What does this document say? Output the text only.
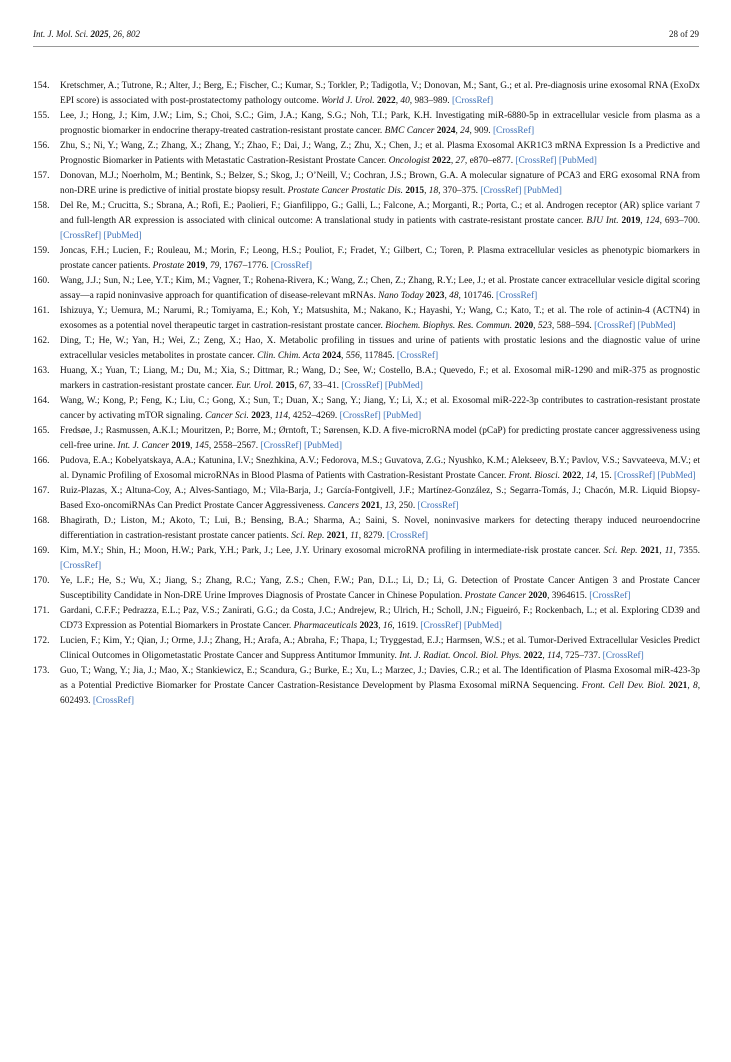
Int. J. Mol. Sci. 2025, 26, 802	28 of 29
154.	Kretschmer, A.; Tutrone, R.; Alter, J.; Berg, E.; Fischer, C.; Kumar, S.; Torkler, P.; Tadigotla, V.; Donovan, M.; Sant, G.; et al. Pre-diagnosis urine exosomal RNA (ExoDx EPI score) is associated with post-prostatectomy pathology outcome. World J. Urol. 2022, 40, 983–989. [CrossRef]
155.	Lee, J.; Hong, J.; Kim, J.W.; Lim, S.; Choi, S.C.; Gim, J.A.; Kang, S.G.; Noh, T.I.; Park, K.H. Investigating miR-6880-5p in extracellular vesicle from plasma as a prognostic biomarker in endocrine therapy-treated castration-resistant prostate cancer. BMC Cancer 2024, 24, 909. [CrossRef]
156.	Zhu, S.; Ni, Y.; Wang, Z.; Zhang, X.; Zhang, Y.; Zhao, F.; Dai, J.; Wang, Z.; Zhu, X.; Chen, J.; et al. Plasma Exosomal AKR1C3 mRNA Expression Is a Predictive and Prognostic Biomarker in Patients with Metastatic Castration-Resistant Prostate Cancer. Oncologist 2022, 27, e870–e877. [CrossRef] [PubMed]
157.	Donovan, M.J.; Noerholm, M.; Bentink, S.; Belzer, S.; Skog, J.; O’Neill, V.; Cochran, J.S.; Brown, G.A. A molecular signature of PCA3 and ERG exosomal RNA from non-DRE urine is predictive of initial prostate biopsy result. Prostate Cancer Prostatic Dis. 2015, 18, 370–375. [CrossRef] [PubMed]
158.	Del Re, M.; Crucitta, S.; Sbrana, A.; Rofi, E.; Paolieri, F.; Gianfilippo, G.; Galli, L.; Falcone, A.; Morganti, R.; Porta, C.; et al. Androgen receptor (AR) splice variant 7 and full-length AR expression is associated with clinical outcome: A translational study in patients with castrate-resistant prostate cancer. BJU Int. 2019, 124, 693–700. [CrossRef] [PubMed]
159.	Joncas, F.H.; Lucien, F.; Rouleau, M.; Morin, F.; Leong, H.S.; Pouliot, F.; Fradet, Y.; Gilbert, C.; Toren, P. Plasma extracellular vesicles as phenotypic biomarkers in prostate cancer patients. Prostate 2019, 79, 1767–1776. [CrossRef]
160.	Wang, J.J.; Sun, N.; Lee, Y.T.; Kim, M.; Vagner, T.; Rohena-Rivera, K.; Wang, Z.; Chen, Z.; Zhang, R.Y.; Lee, J.; et al. Prostate cancer extracellular vesicle digital scoring assay—a rapid noninvasive approach for quantification of disease-relevant mRNAs. Nano Today 2023, 48, 101746. [CrossRef]
161.	Ishizuya, Y.; Uemura, M.; Narumi, R.; Tomiyama, E.; Koh, Y.; Matsushita, M.; Nakano, K.; Hayashi, Y.; Wang, C.; Kato, T.; et al. The role of actinin-4 (ACTN4) in exosomes as a potential novel therapeutic target in castration-resistant prostate cancer. Biochem. Biophys. Res. Commun. 2020, 523, 588–594. [CrossRef] [PubMed]
162.	Ding, T.; He, W.; Yan, H.; Wei, Z.; Zeng, X.; Hao, X. Metabolic profiling in tissues and urine of patients with prostatic lesions and the diagnostic value of urine extracellular vesicles metabolites in prostate cancer. Clin. Chim. Acta 2024, 556, 117845. [CrossRef]
163.	Huang, X.; Yuan, T.; Liang, M.; Du, M.; Xia, S.; Dittmar, R.; Wang, D.; See, W.; Costello, B.A.; Quevedo, F.; et al. Exosomal miR-1290 and miR-375 as prognostic markers in castration-resistant prostate cancer. Eur. Urol. 2015, 67, 33–41. [CrossRef] [PubMed]
164.	Wang, W.; Kong, P.; Feng, K.; Liu, C.; Gong, X.; Sun, T.; Duan, X.; Sang, Y.; Jiang, Y.; Li, X.; et al. Exosomal miR-222-3p contributes to castration-resistant prostate cancer by activating mTOR signaling. Cancer Sci. 2023, 114, 4252–4269. [CrossRef] [PubMed]
165.	Fredsøe, J.; Rasmussen, A.K.I.; Mouritzen, P.; Borre, M.; Ørntoft, T.; Sørensen, K.D. A five-microRNA model (pCaP) for predicting prostate cancer aggressiveness using cell-free urine. Int. J. Cancer 2019, 145, 2558–2567. [CrossRef] [PubMed]
166.	Pudova, E.A.; Kobelyatskaya, A.A.; Katunina, I.V.; Snezhkina, A.V.; Fedorova, M.S.; Guvatova, Z.G.; Nyushko, K.M.; Alekseev, B.Y.; Pavlov, V.S.; Savvateeva, M.V.; et al. Dynamic Profiling of Exosomal microRNAs in Blood Plasma of Patients with Castration-Resistant Prostate Cancer. Front. Biosci. 2022, 14, 15. [CrossRef] [PubMed]
167.	Ruiz-Plazas, X.; Altuna-Coy, A.; Alves-Santiago, M.; Vila-Barja, J.; García-Fontgivell, J.F.; Martínez-González, S.; Segarra-Tomás, J.; Chacón, M.R. Liquid Biopsy-Based Exo-oncomiRNAs Can Predict Prostate Cancer Aggressiveness. Cancers 2021, 13, 250. [CrossRef]
168.	Bhagirath, D.; Liston, M.; Akoto, T.; Lui, B.; Bensing, B.A.; Sharma, A.; Saini, S. Novel, noninvasive markers for detecting therapy induced neuroendocrine differentiation in castration-resistant prostate cancer patients. Sci. Rep. 2021, 11, 8279. [CrossRef]
169.	Kim, M.Y.; Shin, H.; Moon, H.W.; Park, Y.H.; Park, J.; Lee, J.Y. Urinary exosomal microRNA profiling in intermediate-risk prostate cancer. Sci. Rep. 2021, 11, 7355. [CrossRef]
170.	Ye, L.F.; He, S.; Wu, X.; Jiang, S.; Zhang, R.C.; Yang, Z.S.; Chen, F.W.; Pan, D.L.; Li, D.; Li, G. Detection of Prostate Cancer Antigen 3 and Prostate Cancer Susceptibility Candidate in Non-DRE Urine Improves Diagnosis of Prostate Cancer in Chinese Population. Prostate Cancer 2020, 3964615. [CrossRef]
171.	Gardani, C.F.F.; Pedrazza, E.L.; Paz, V.S.; Zanirati, G.G.; da Costa, J.C.; Andrejew, R.; Ulrich, H.; Scholl, J.N.; Figueiró, F.; Rockenbach, L.; et al. Exploring CD39 and CD73 Expression as Potential Biomarkers in Prostate Cancer. Pharmaceuticals 2023, 16, 1619. [CrossRef] [PubMed]
172.	Lucien, F.; Kim, Y.; Qian, J.; Orme, J.J.; Zhang, H.; Arafa, A.; Abraha, F.; Thapa, I.; Tryggestad, E.J.; Harmsen, W.S.; et al. Tumor-Derived Extracellular Vesicles Predict Clinical Outcomes in Oligometastatic Prostate Cancer and Suppress Antitumor Immunity. Int. J. Radiat. Oncol. Biol. Phys. 2022, 114, 725–737. [CrossRef]
173.	Guo, T.; Wang, Y.; Jia, J.; Mao, X.; Stankiewicz, E.; Scandura, G.; Burke, E.; Xu, L.; Marzec, J.; Davies, C.R.; et al. The Identification of Plasma Exosomal miR-423-3p as a Potential Predictive Biomarker for Prostate Cancer Castration-Resistance Development by Plasma Exosomal miRNA Sequencing. Front. Cell Dev. Biol. 2021, 8, 602493. [CrossRef]
